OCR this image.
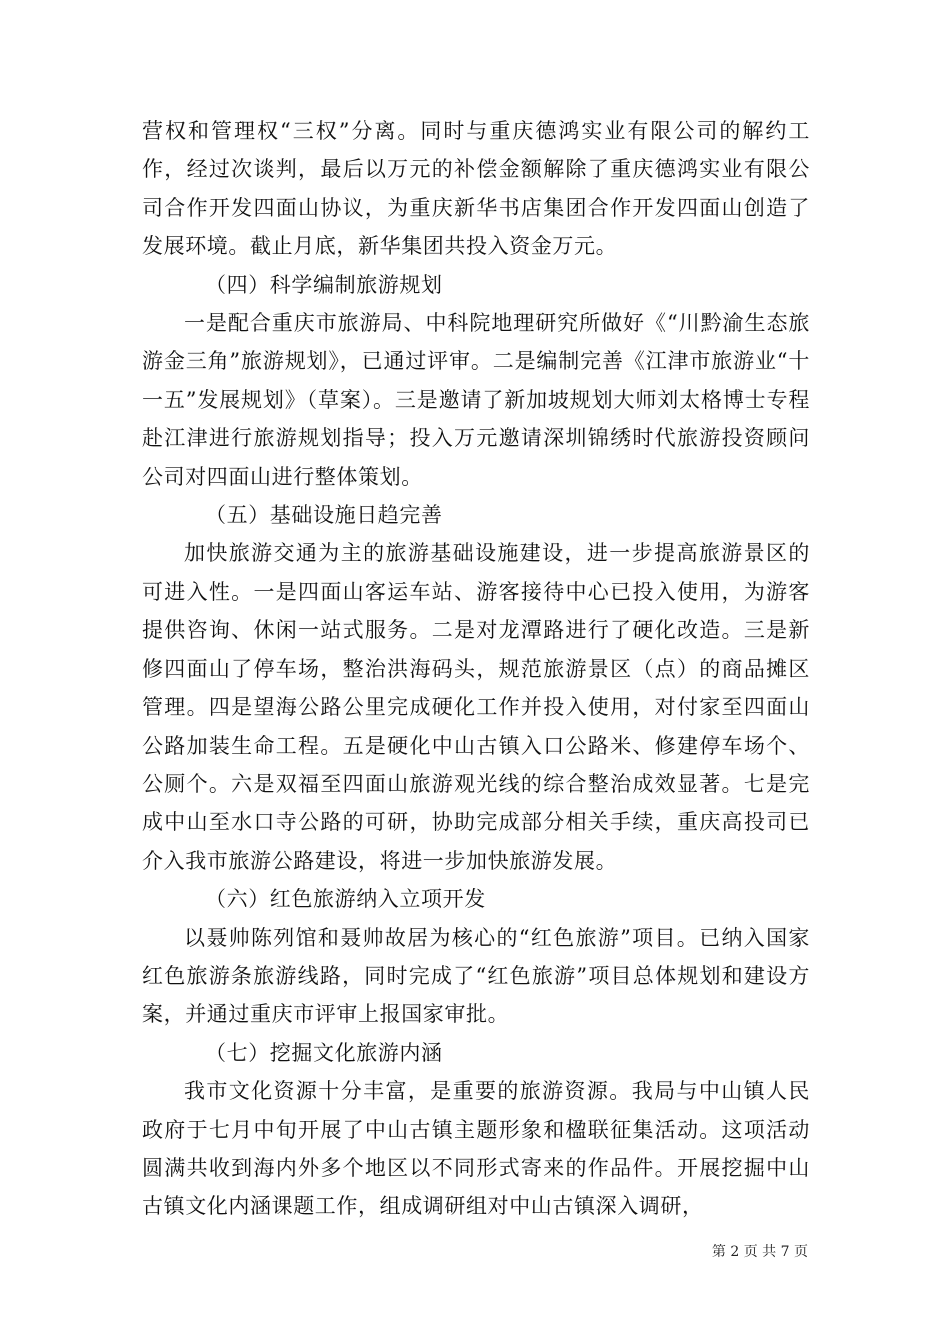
营权和管理权“三权”分离。同时与重庆德鸿实业有限公司的解约工作，经过次谈判，最后以万元的补偿金额解除了重庆德鸿实业有限公司合作开发四面山协议，为重庆新华书店集团合作开发四面山创造了发展环境。截止月底，新华集团共投入资金万元。

（四）科学编制旅游规划

一是配合重庆市旅游局、中科院地理研究所做好《“川黔渝生态旅游金三角”旅游规划》，已通过评审。二是编制完善《江津市旅游业“十一五”发展规划》（草案）。三是邀请了新加坡规划大师刘太格博士专程赴江津进行旅游规划指导；投入万元邀请深圳锦绣时代旅游投资顾问公司对四面山进行整体策划。

（五）基础设施日趋完善

加快旅游交通为主的旅游基础设施建设，进一步提高旅游景区的可进入性。一是四面山客运车站、游客接待中心已投入使用，为游客提供咨询、休闲一站式服务。二是对龙潭路进行了硬化改造。三是新修四面山了停车场，整治洪海码头，规范旅游景区（点）的商品摊区管理。四是望海公路公里完成硬化工作并投入使用，对付家至四面山公路加装生命工程。五是硬化中山古镇入口公路米、修建停车场个、公厕个。六是双福至四面山旅游观光线的综合整治成效显著。七是完成中山至水口寺公路的可研，协助完成部分相关手续，重庆高投司已介入我市旅游公路建设，将进一步加快旅游发展。

（六）红色旅游纳入立项开发

以聂帅陈列馆和聂帅故居为核心的“红色旅游”项目。已纳入国家红色旅游条旅游线路，同时完成了“红色旅游”项目总体规划和建设方案，并通过重庆市评审上报国家审批。

（七）挖掘文化旅游内涵

我市文化资源十分丰富，是重要的旅游资源。我局与中山镇人民政府于七月中旬开展了中山古镇主题形象和楹联征集活动。这项活动圆满共收到海内外多个地区以不同形式寄来的作品件。开展挖掘中山古镇文化内涵课题工作，组成调研组对中山古镇深入调研，

第 2 页 共 7 页
